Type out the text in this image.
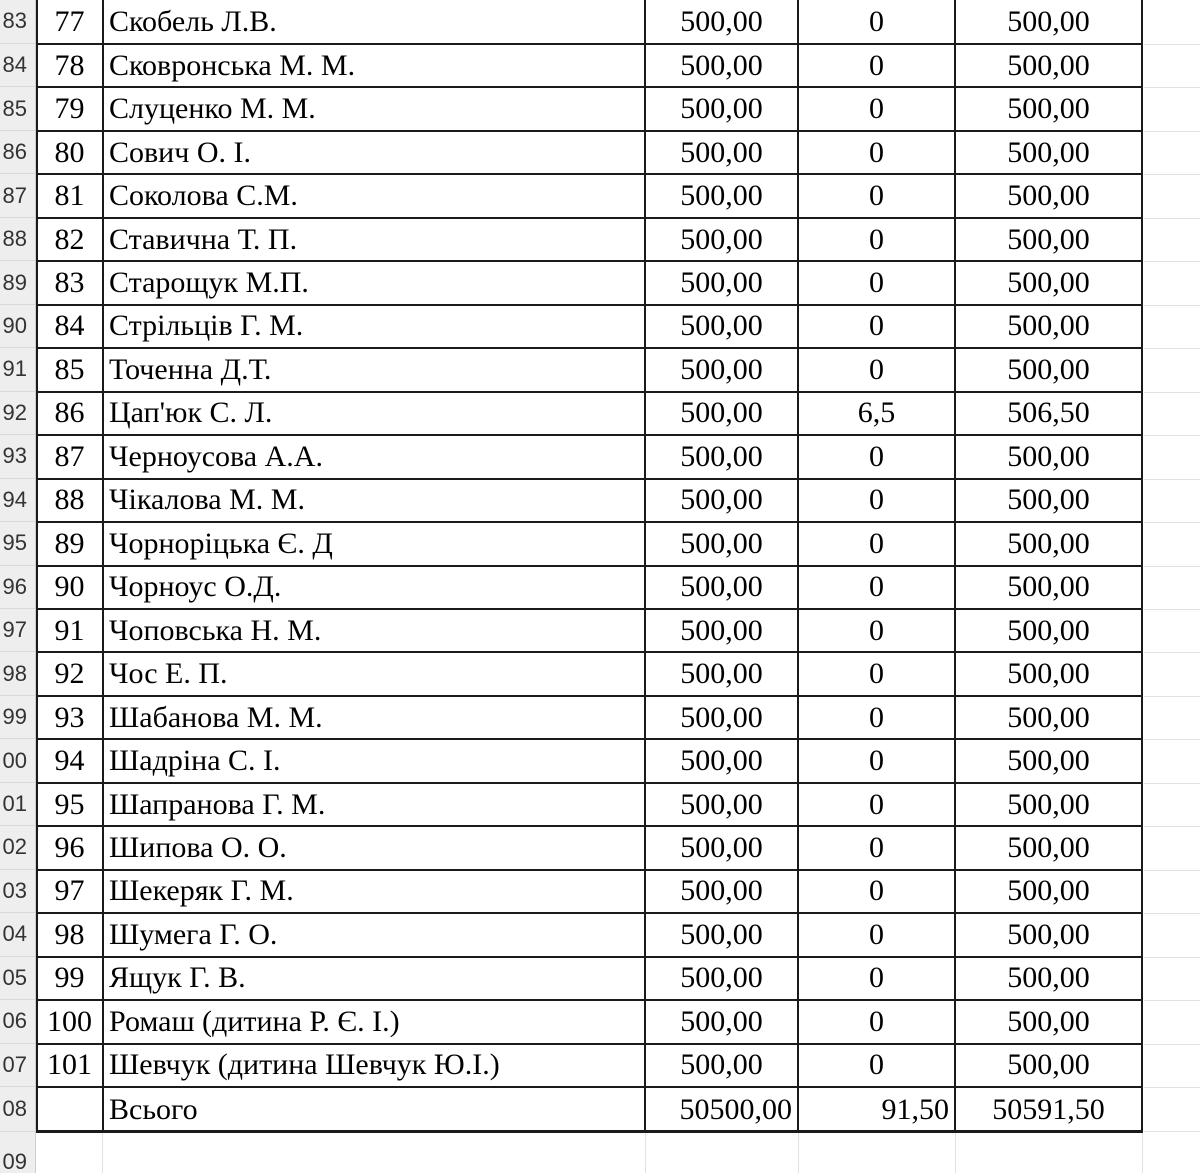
83 77 Скобель Л.В.	500,00	0	500,00
84 78 Сковронська М. М.	500,00	0	500,00
85 79 Слуценко М. М.	500,00	0	500,00
86 80 Сович О. І.	500,00	0	500,00
87 81 Соколова С.М.	500,00	0	500,00
88 82 Ставична Т. П.	500,00	0	500,00
89 83 Старощук М.П.	500,00	0	500,00
90 84 Стрільців Г. М.	500,00	0	500,00
91 85 Точенна Д.Т.	500,00	0	500,00
92 86 Цап'юк С. Л.	500,00	6,5	506,50
93 87 Черноусова А.А.	500,00	0	500,00
94 88 Чікалова М. М.	500,00	0	500,00
95 89 Чорноріцька Є. Д	500,00	0	500,00
96 90 Чорноус О.Д.	500,00	0	500,00
97 91 Чоповська Н. М.	500,00	0	500,00
98 92 Чос Е. П.	500,00	0	500,00
99 93 Шабанова М. М.	500,00	0	500,00
00 94 Шадріна С. І.	500,00	0	500,00
01 95 Шапранова Г. М.	500,00	0	500,00
02 96 Шипова О. О.	500,00	0	500,00
03 97 Шекеряк Г. М.	500,00	0	500,00
04 98 Шумега Г. О.	500,00	0	500,00
05 99 Ящук Г. В.	500,00	0	500,00
06 100 Ромаш (дитина Р. Є. І.)	500,00	0	500,00
07 101 Шевчук (дитина Шевчук Ю.І.)	500,00	0	500,00
08	Всього	50500,00	91,50	50591,50
09
